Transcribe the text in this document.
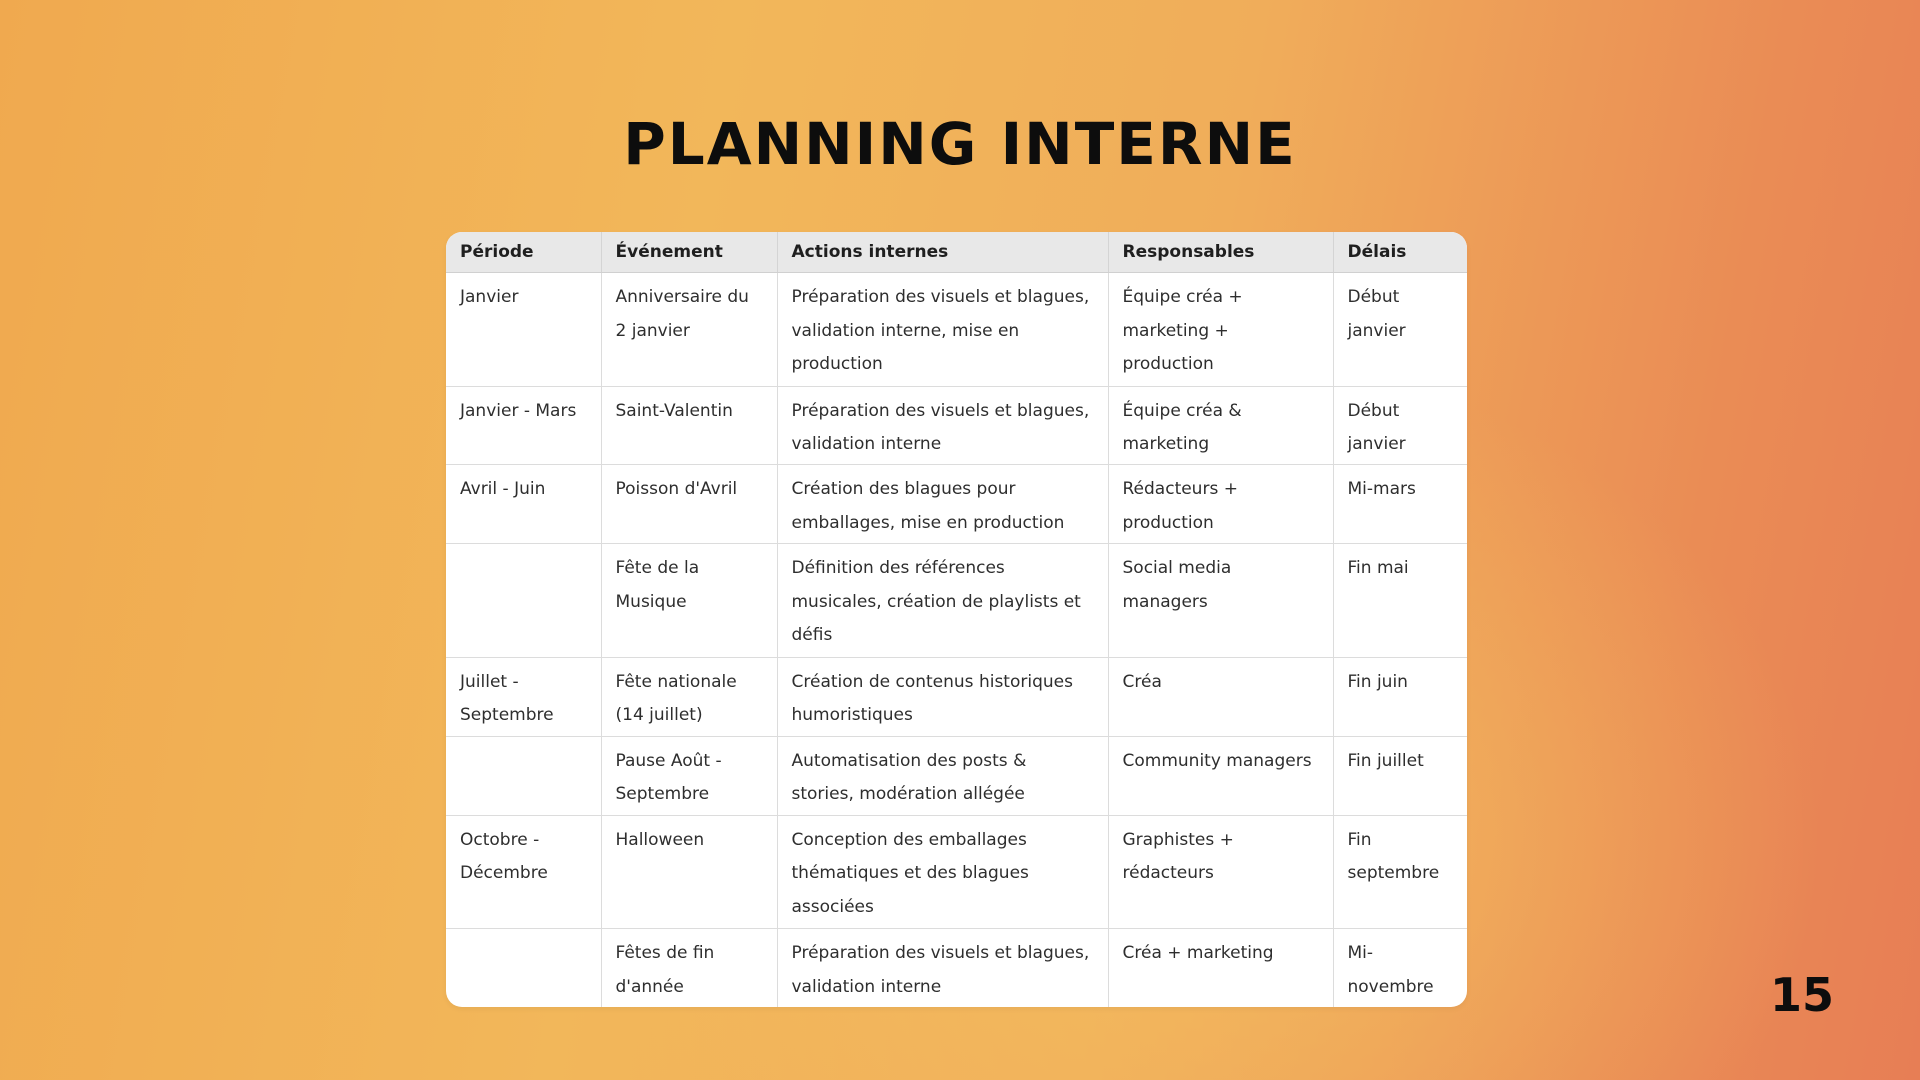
PLANNING INTERNE
Période	Événement	Actions internes	Responsables	Délais
Janvier	Anniversaire du 2 janvier	Préparation des visuels et blagues, validation interne, mise en production	Équipe créa + marketing + production	Début janvier
Janvier - Mars	Saint-Valentin	Préparation des visuels et blagues, validation interne	Équipe créa & marketing	Début janvier
Avril - Juin	Poisson d'Avril	Création des blagues pour emballages, mise en production	Rédacteurs + production	Mi-mars
	Fête de la Musique	Définition des références musicales, création de playlists et défis	Social media managers	Fin mai
Juillet - Septembre	Fête nationale (14 juillet)	Création de contenus historiques humoristiques	Créa	Fin juin
	Pause Août - Septembre	Automatisation des posts & stories, modération allégée	Community managers	Fin juillet
Octobre - Décembre	Halloween	Conception des emballages thématiques et des blagues associées	Graphistes + rédacteurs	Fin septembre
	Fêtes de fin d'année	Préparation des visuels et blagues, validation interne	Créa + marketing	Mi-novembre	15
